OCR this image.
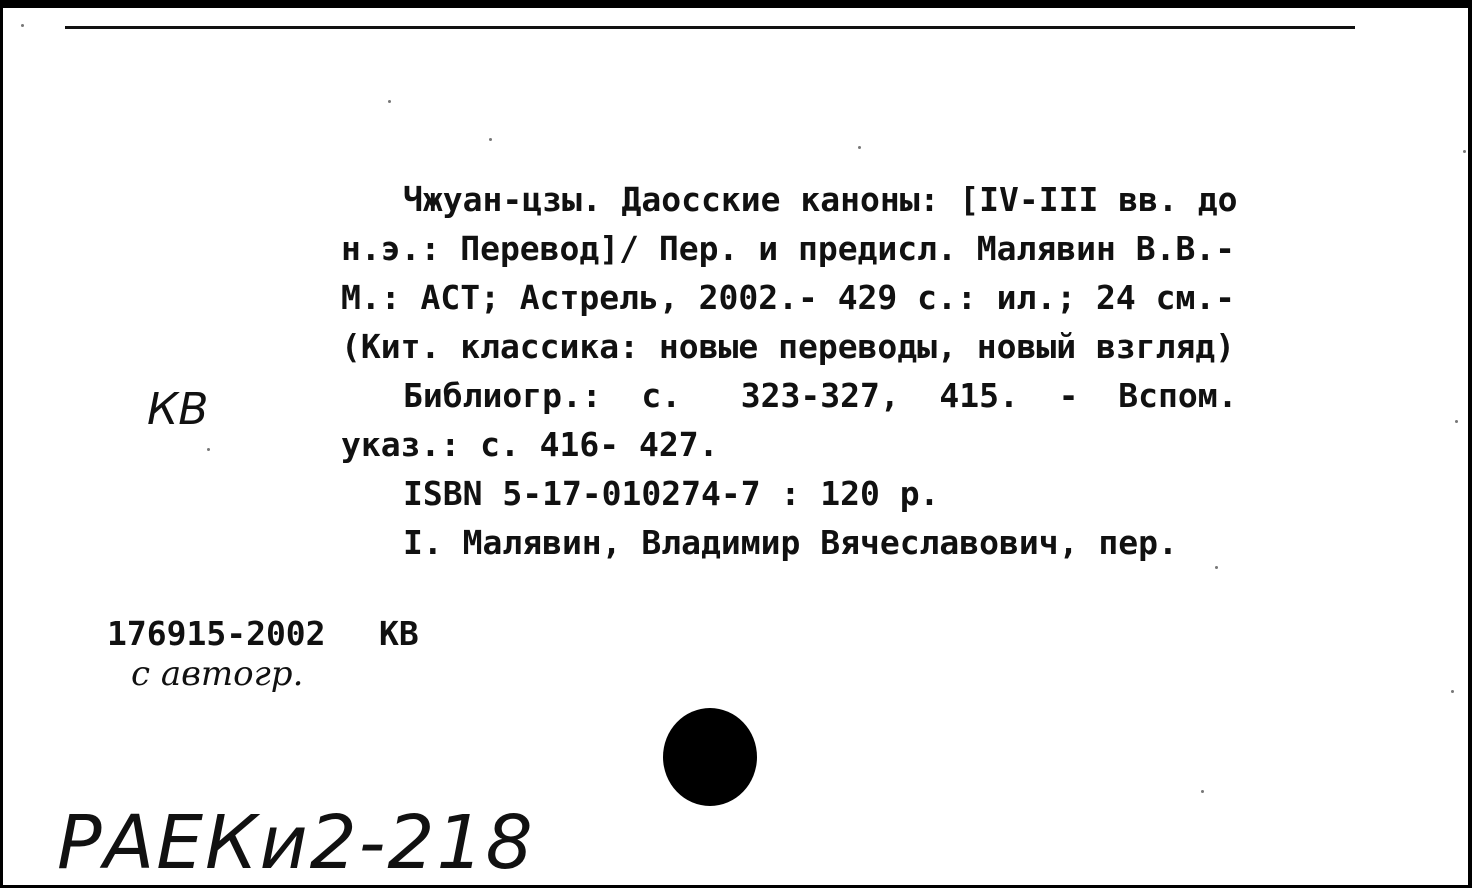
Чжуан-цзы. Даосские каноны: [IV-III вв. до
н.э.: Перевод]/ Пер. и предисл. Малявин В.В.-
М.: АСТ; Астрель, 2002.- 429 с.: ил.; 24 см.-
(Кит. классика: новые переводы, новый взгляд)
Библиогр.:  с.   323-327,  415.  -  Вспом.
указ.: с. 416- 427.
ISBN 5-17-010274-7 : 120 р.
I. Малявин, Владимир Вячеславович, пер.
176915-2002 КВ
КВ
с автогр.
РАЕКи2-218
